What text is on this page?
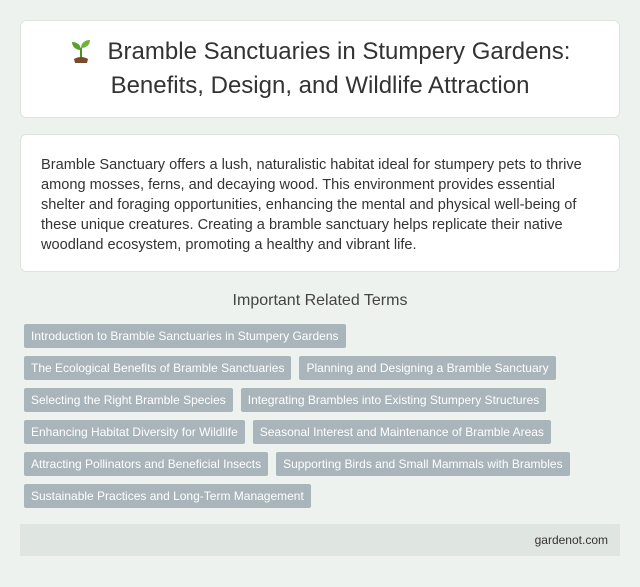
Bramble Sanctuaries in Stumpery Gardens:
Benefits, Design, and Wildlife Attraction

Bramble Sanctuary offers a lush, naturalistic habitat ideal for stumpery pets to thrive among mosses, ferns, and decaying wood. This environment provides essential shelter and foraging opportunities, enhancing the mental and physical well-being of these unique creatures. Creating a bramble sanctuary helps replicate their native woodland ecosystem, promoting a healthy and vibrant life.

Important Related Terms
Introduction to Bramble Sanctuaries in Stumpery Gardens
The Ecological Benefits of Bramble Sanctuaries	Planning and Designing a Bramble Sanctuary
Selecting the Right Bramble Species	Integrating Brambles into Existing Stumpery Structures
Enhancing Habitat Diversity for Wildlife	Seasonal Interest and Maintenance of Bramble Areas
Attracting Pollinators and Beneficial Insects	Supporting Birds and Small Mammals with Brambles
Sustainable Practices and Long-Term Management
gardenot.com
